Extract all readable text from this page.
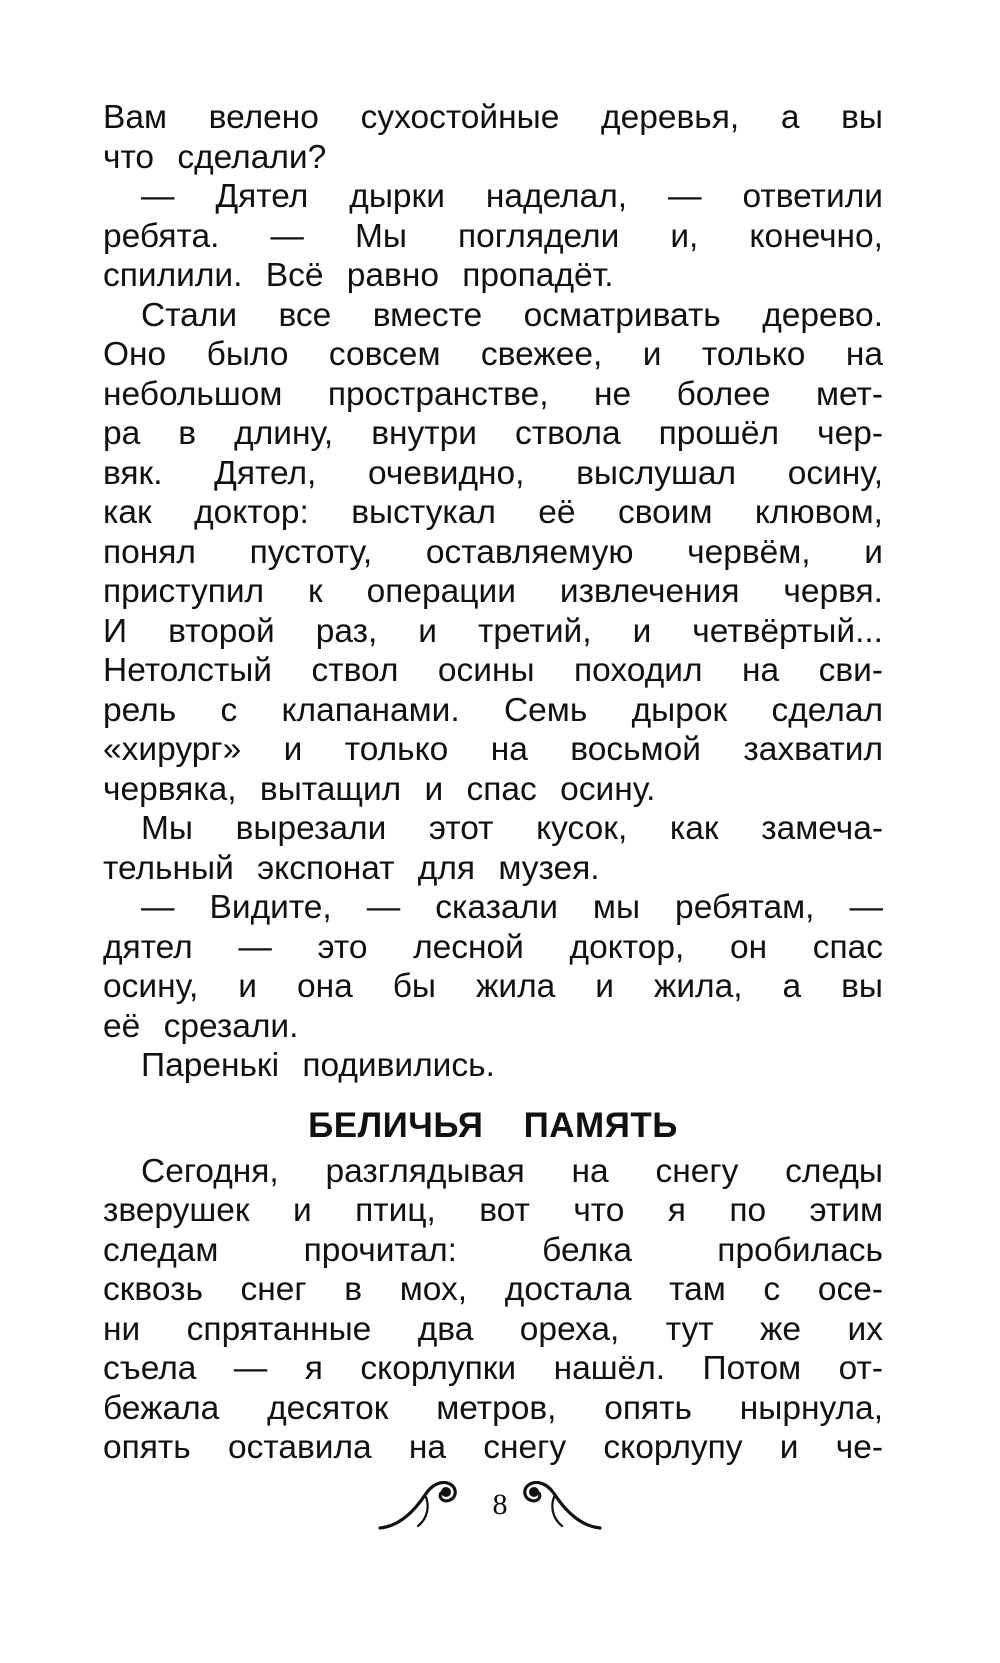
Вам велено сухостойные деревья, а вы
что сделали?
— Дятел дырки наделал, — ответили
ребята. — Мы поглядели и, конечно,
спилили. Всё равно пропадёт.
Стали все вместе осматривать дерево.
Оно было совсем свежее, и только на
небольшом пространстве, не более мет-
ра в длину, внутри ствола прошёл чер-
вяк. Дятел, очевидно, выслушал осину,
как доктор: выстукал её своим клювом,
понял пустоту, оставляемую червём, и
приступил к операции извлечения червя.
И второй раз, и третий, и четвёртый...
Нетолстый ствол осины походил на сви-
рель с клапанами. Семь дырок сделал
«хирург» и только на восьмой захватил
червяка, вытащил и спас осину.
Мы вырезали этот кусок, как замеча-
тельный экспонат для музея.
— Видите, — сказали мы ребятам, —
дятел — это лесной доктор, он спас
осину, и она бы жила и жила, а вы
её срезали.
Паренькi подивились.
БЕЛИЧЬЯ ПАМЯТЬ
Сегодня, разглядывая на снегу следы
зверушек и птиц, вот что я по этим
следам прочитал: белка пробилась
сквозь снег в мох, достала там с осе-
ни спрятанные два ореха, тут же их
съела — я скорлупки нашёл. Потом от-
бежала десяток метров, опять нырнула,
опять оставила на снегу скорлупу и че-
8
